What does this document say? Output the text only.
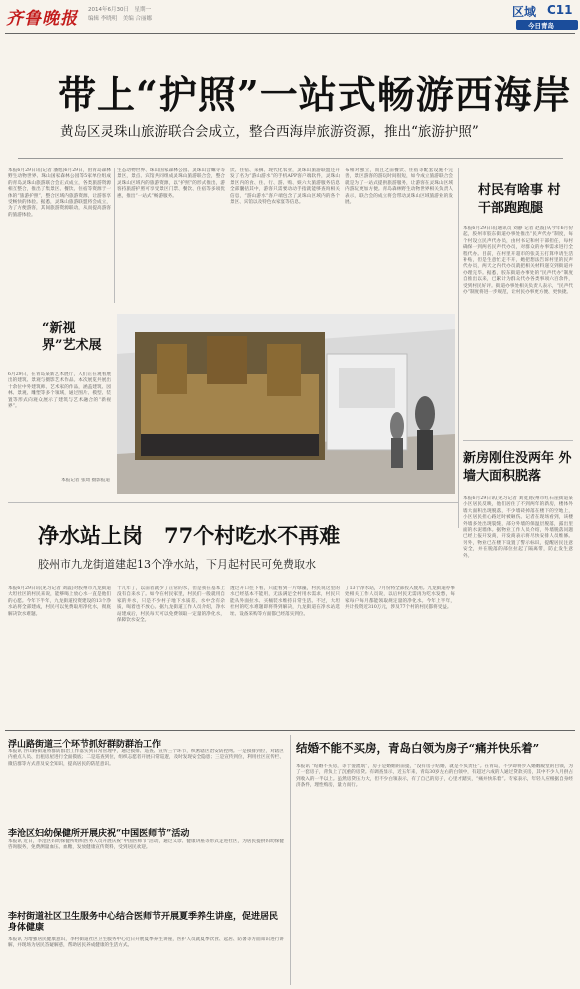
齐鲁晚报 2014年6月30日　星期一
编辑 李晓明　美编 合丽娜	区域 C11
今日青岛
带上“护照”一站式畅游西海岸
黄岛区灵珠山旅游联合会成立，整合西海岸旅游资源，推出“旅游护照”
本报6月29日讯(记者 潘旭)6月29日，由青岛森林野生动物世界、珠山国家森林公园等5家单位组成的青岛灵珠山旅游联合会正式成立，各类旅游资源相互整合，推出了集景区、餐饮、住宿等资源于一体的“旅游护照”，整合区域内旅游资源，让游客享受畅快的体验。据悉，灵珠山旅游联盟将会成立，为了方便游客，其间旅游资源联动，从而提高游客的旅游体验。
生态动物世界、珠山国家森林公园、灵珠山音螺寺等景区，景点、宾馆共同组成灵珠山旅游联合会，整合灵珠山区域内的旅游资源，以“护照”的形式推出，游客持旅游护照可享受景区门票、餐饮、住宿等多项优惠，推出“一站式”畅游服务。
饮、住宿、采摘、现代化农业，灵珠山旅游联盟还开发了名为“游山游水”的手机APP客户端软件，灵珠山景区内的食、住、行、游、购、娱六大旅游服务信息全部囊括其中，游客只需要动动手指就能够查询相关信息，“游山游水”客户端包含了灵珠山区域内的各个景区、宾馆以及特色农家宴等信息。
布相对独立，而且之前餐饮、住宿等配套设施不完善，景区游客的游玩时间很短，如今成立旅游联合会就是为了一站式提供旅游服务，让游客在灵珠山区域内游玩更加方便。青岛森林野生动物世界相关负责人表示，联合会的成立将会带动灵珠山区域旅游业的发展。
村民有啥事 村干部跑跑腿
本报6月29日讯(通讯员 刘静 记者 赵波)从今年6月份起，胶州市胶东街道办事处推出“民声代办”制度，每个村设立民声代办员，由村书记和村干部担任，每村确保一到两名民声代办员，对群众的办事需求进行全程代办。目前，在村里开超市的张美玉打算申请生活补贴，但是生意忙走不开，她把想法告诉村里的民声代办员，两天之内代办员就把相关材料递交到街道并办理完毕。据悉，胶东街道办事处的“民声代办”制度自推出以来，已累计为群众代办各类事项六百余件，受到村民好评。街道办事处相关负责人表示，“民声代办”制度将进一步规范，让村民办事更方便、更快捷。
新房刚住没两年 外墙大面积脱落
本报6月29日讯(见习记者 刘宽)胶州市红石崖街道某小区居民反映，他们居住了不到两年的新房，楼体外墙大面积出现脱落，不少墙砖掉落在楼下的空地上，小区居民担心路过时被砸伤。记者在现场看到，该楼外墙多处出现裂缝，部分外墙的保温层脱落，露出里面的水泥墙体。据物业工作人员介绍，外墙脱落问题已经上报开发商，开发商表示将尽快安排人员维修。另外，物业已在楼下设置了警示标识，提醒居民注意安全，并在脱落的部位拉起了隔离带，防止发生意外。
“新视界”艺术展
6月29日，在青岛某新艺术展厅，人们正在观看展出的建筑、景观与摄影艺术作品。本次展览共展出十余位中外建筑师、艺术家的作品，涵盖建筑、园林、景观、雕塑等多个领域，通过图片、模型、装置等形式向观众展示了建筑与艺术融合的“新视界”。
本报记者 张琦 摄影报道
净水站上岗　77个村吃水不再难
胶州市九龙街道建起13个净水站，下月起村民可免费取水
本报6月29日讯(见习记者 刘震)对胶州市九龙街道大坦社区的村民来说，能够喝上放心水一直是他们的心愿。今年下半年，九龙街道投资建设的13个净水站将全部建成，村民可以免费取用净化水，彻底解决饮水难题。
十几年了，以前者就少了正常的水，但是我在基本上没有自来水了。如今在村民家里，村民们一般就用自家的井水，只是不少村子地下水质差、水中含有杂质，喝着也不放心。据九龙街道工作人员介绍，净水站建成后，村民每天可以免费领取一定量的净化水，保障饮水安全。
透过开口往下看，只能看到一片绿藻，村民说这里的水已经基本不能用，无法满足全村用水需求，村民只能从外面拉水、买桶装水维持日常生活。不过，大坦社村的吃水难题即将得到解决，九龙街道在净水站选址、设备采购等方面都已经落实到位。
了13个净水站，7月份将全部投入使用。九龙街道办事处相关工作人员说，以后村民无需再为吃水发愁，每家每户每月都能领取规定量的净化水。今年上半年，共计投资近310万元，涉及77个村的村民都将受益。
浮山路街道三个环节抓好群防群治工作
本报讯 浮山路街道将群防群治工作落实到日常管理中，通过摸排、巡查、宣传三个环节，织密辖区治安防控网。一是摸排到位，对辖区内重点人员、出租房屋进行全面摸底；二是巡查到位，组织志愿者开展日常巡逻，及时发现安全隐患；三是宣传到位，利用社区宣传栏、微信群等方式普及安全知识，提高居民的防范意识。
李沧区妇幼保健所开展庆祝“中国医师节”活动
本报讯 近日，李沧区妇幼保健所组织医务人员开展庆祝“中国医师节”活动，通过义诊、健康讲座等形式走进社区，为居民提供妇幼保健咨询服务，免费测量血压、血糖，发放健康宣传资料，受到居民欢迎。
李村街道社区卫生服务中心结合医师节开展夏季养生讲座，促进居民身体健康
本报讯 为增强居民健康意识，李村街道社区卫生服务中心近日开展夏季养生讲座，医护人员就夏季饮食、起居、防暑等方面知识进行讲解，并现场为居民答疑解惑，帮助居民养成健康的生活方式。
结婚不能不买房，青岛白领为房子“痛并快乐着”
本报讯 “结婚不买房，等于耍流氓”，房子是婚姻的前提，“没有房子结婚，就是不负责任”。在青岛，不少即将步入婚姻殿堂的白领，为了一套房子，背负上了沉重的房贷。有调查显示，近五年来，青岛30岁左右的白领中，有超过六成的人通过贷款买房，其中不少人月供占到收入的一半以上。虽然房贷压力大，但不少白领表示，有了自己的房子，心里才踏实，“痛并快乐着”。专家表示，年轻人应根据自身经济条件，理性购房，量力而行。
